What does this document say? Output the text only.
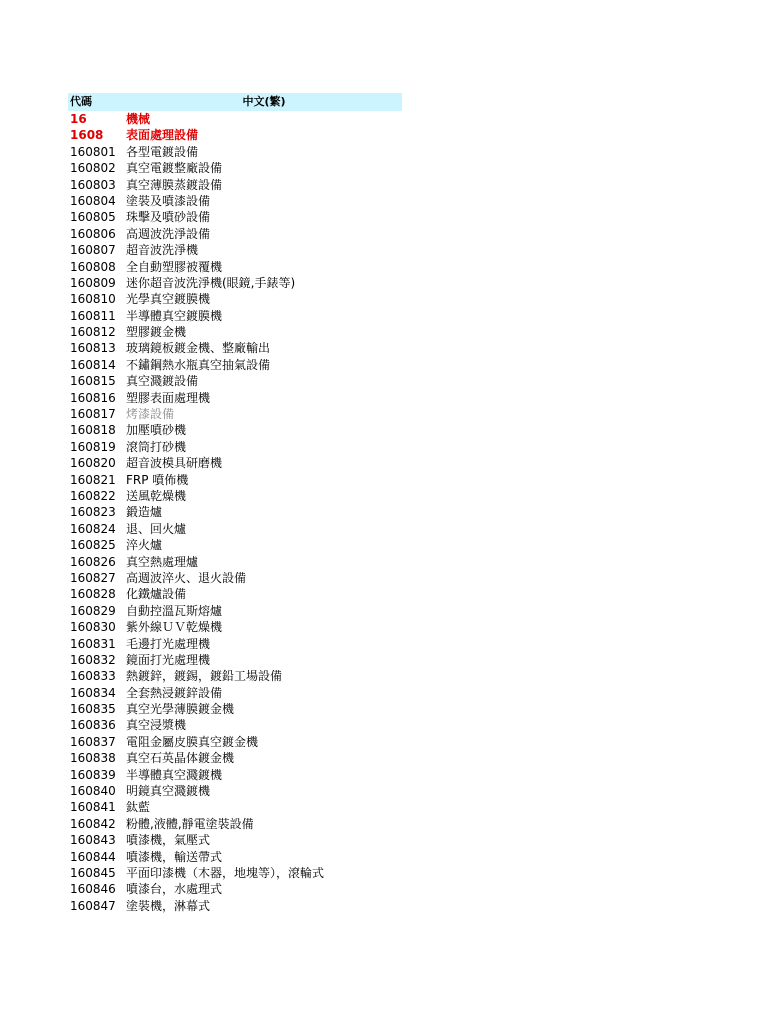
代碼	中文(繁)
16	機械
1608	表面處理設備
160801 各型電鍍設備
160802 真空電鍍整廠設備
160803 真空薄膜蒸鍍設備
160804 塗裝及噴漆設備
160805 珠擊及噴砂設備
160806 高週波洗淨設備
160807 超音波洗淨機
160808 全自動塑膠被覆機
160809 迷你超音波洗淨機(眼鏡,手錶等)
160810 光學真空鍍膜機
160811 半導體真空鍍膜機
160812 塑膠鍍金機
160813 玻璃鏡板鍍金機、整廠輸出
160814 不鏽鋼熱水瓶真空抽氣設備
160815 真空濺鍍設備
160816 塑膠表面處理機
160817 烤漆設備
160818 加壓噴砂機
160819 滾筒打砂機
160820 超音波模具研磨機
160821 FRP 噴佈機
160822 送風乾燥機
160823 鍛造爐
160824 退、回火爐
160825 淬火爐
160826 真空熱處理爐
160827 高週波淬火、退火設備
160828 化鐵爐設備
160829 自動控溫瓦斯熔爐
160830 紫外線ＵＶ乾燥機
160831 毛邊打光處理機
160832 鏡面打光處理機
160833 熱鍍鋅，鍍錫，鍍鉛工場設備
160834 全套熱浸鍍鋅設備
160835 真空光學薄膜鍍金機
160836 真空浸漿機
160837 電阻金屬皮膜真空鍍金機
160838 真空石英晶体鍍金機
160839 半導體真空濺鍍機
160840 明鏡真空濺鍍機
160841 鈦藍
160842 粉體,液體,靜電塗裝設備
160843 噴漆機，氣壓式
160844 噴漆機，輸送帶式
160845 平面印漆機（木器，地塊等），滾輪式
160846 噴漆台，水處理式
160847 塗裝機，淋幕式
